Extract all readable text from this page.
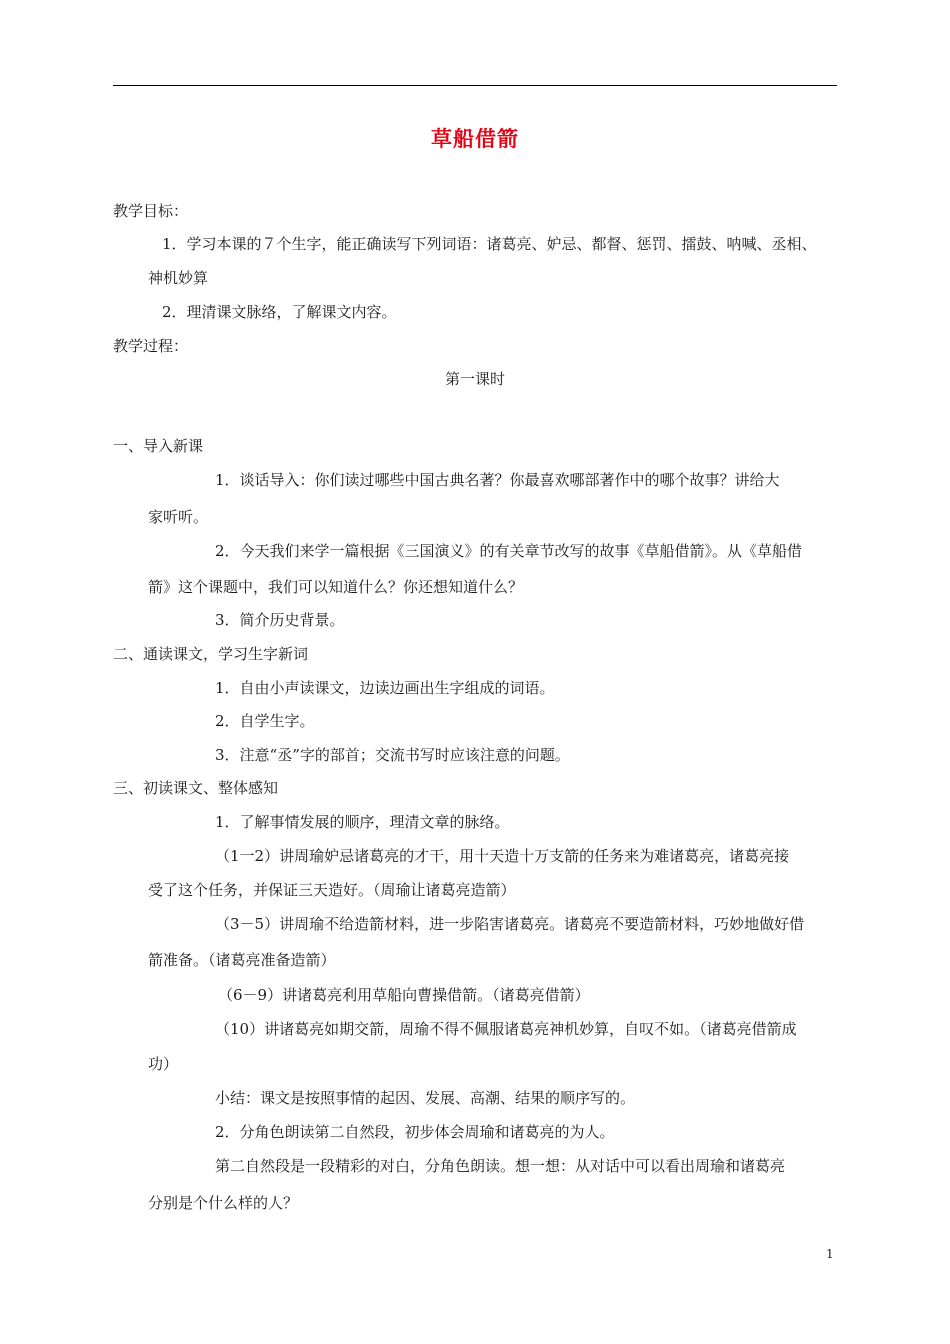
草船借箭
教学目标：
1．学习本课的７个生字，能正确读写下列词语：诸葛亮、妒忌、都督、惩罚、擂鼓、呐喊、丞相、
神机妙算
2．理清课文脉络，了解课文内容。
教学过程：
第一课时
一、导入新课
1．谈话导入：你们读过哪些中国古典名著？你最喜欢哪部著作中的哪个故事？讲给大
家听听。
2．今天我们来学一篇根据《三国演义》的有关章节改写的故事《草船借箭》。从《草船借
箭》这个课题中，我们可以知道什么？你还想知道什么？
3．简介历史背景。
二、通读课文，学习生字新词
1．自由小声读课文，边读边画出生字组成的词语。
2．自学生字。
3．注意“丞”字的部首；交流书写时应该注意的问题。
三、初读课文、整体感知
1．了解事情发展的顺序，理清文章的脉络。
（1一2）讲周瑜妒忌诸葛亮的才干，用十天造十万支箭的任务来为难诸葛亮，诸葛亮接
受了这个任务，并保证三天造好。（周瑜让诸葛亮造箭）
（3－5）讲周瑜不给造箭材料，进一步陷害诸葛亮。诸葛亮不要造箭材料，巧妙地做好借
箭准备。（诸葛亮准备造箭）
（6－9）讲诸葛亮利用草船向曹操借箭。（诸葛亮借箭）
（10）讲诸葛亮如期交箭，周瑜不得不佩服诸葛亮神机妙算，自叹不如。（诸葛亮借箭成
功）
小结：课文是按照事情的起因、发展、高潮、结果的顺序写的。
2．分角色朗读第二自然段，初步体会周瑜和诸葛亮的为人。
第二自然段是一段精彩的对白，分角色朗读。想一想：从对话中可以看出周瑜和诸葛亮
分别是个什么样的人？
1
